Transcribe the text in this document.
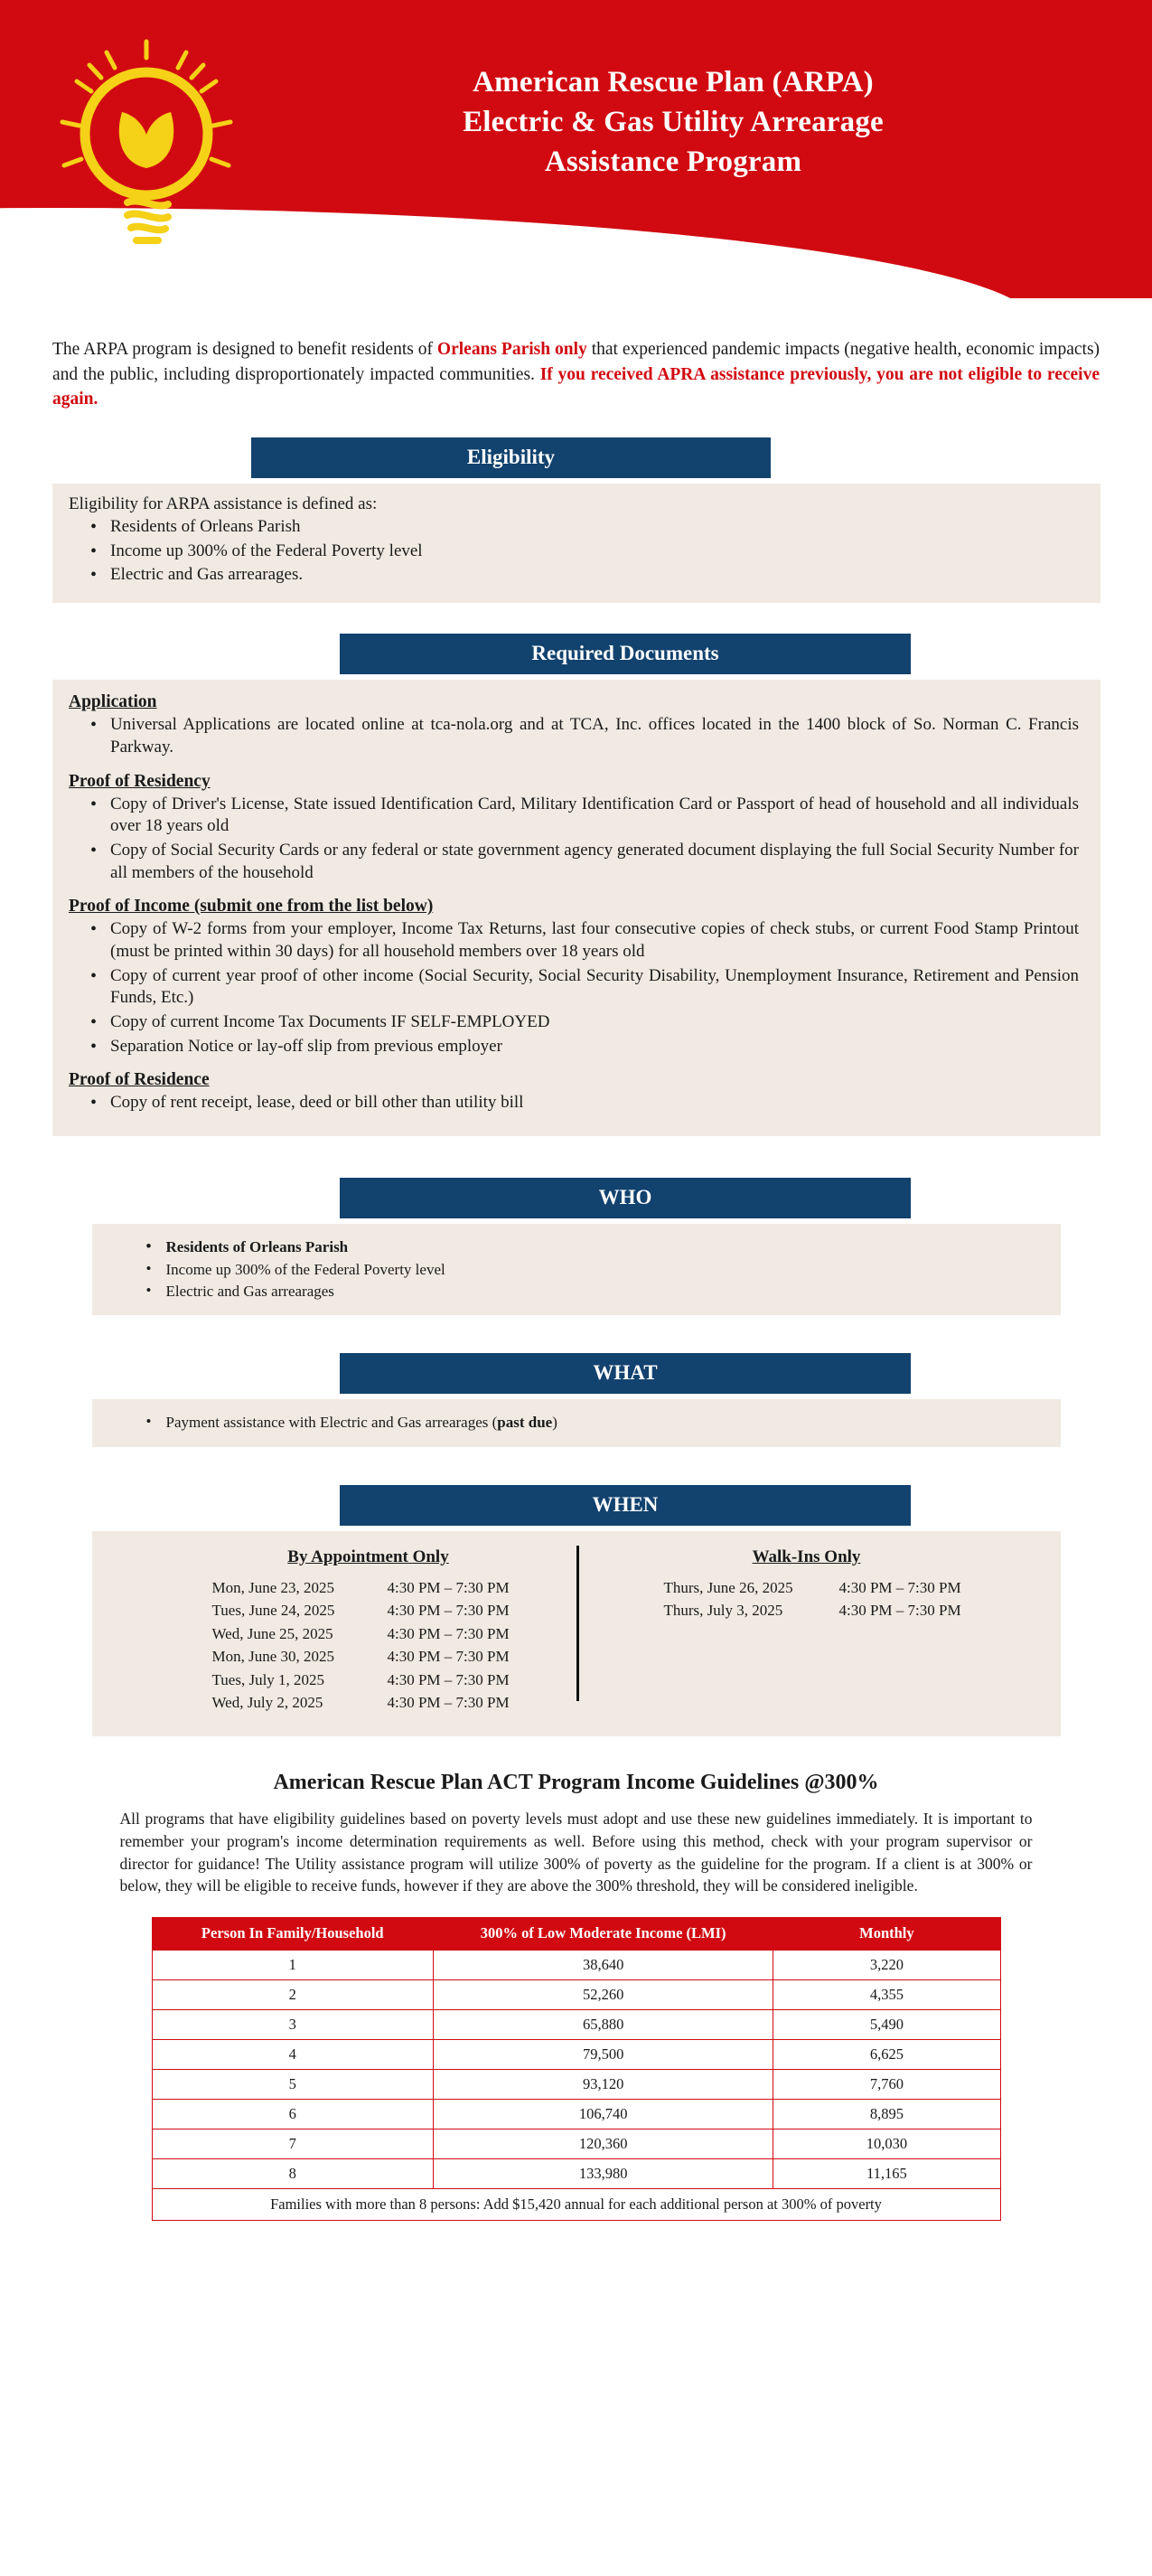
American Rescue Plan (ARPA)
Electric & Gas Utility Arrearage
Assistance Program

The ARPA program is designed to benefit residents of Orleans Parish only that experienced pandemic impacts (negative health, economic impacts) and the public, including disproportionately impacted communities. If you received APRA assistance previously, you are not eligible to receive again.

Eligibility

Eligibility for ARPA assistance is defined as:

• Residents of Orleans Parish
• Income up 300% of the Federal Poverty level
• Electric and Gas arrearages.
Required Documents
Application
• Universal Applications are located online at tca-nola.org and at TCA, Inc. offices located in the 1400 block of So. Norman C. Francis Parkway.
Proof of Residency
• Copy of Driver's License, State issued Identification Card, Military Identification Card or Passport of head of household and all individuals over 18 years old
• Copy of Social Security Cards or any federal or state government agency generated document displaying the full Social Security Number for all members of the household
Proof of Income (submit one from the list below)
• Copy of W-2 forms from your employer, Income Tax Returns, last four consecutive copies of check stubs, or current Food Stamp Printout (must be printed within 30 days) for all household members over 18 years old
• Copy of current year proof of other income (Social Security, Social Security Disability, Unemployment Insurance, Retirement and Pension Funds, Etc.)
• Copy of current Income Tax Documents IF SELF-EMPLOYED
• Separation Notice or lay-off slip from previous employer
Proof of Residence
• Copy of rent receipt, lease, deed or bill other than utility bill
WHO
• Residents of Orleans Parish
• Income up 300% of the Federal Poverty level
• Electric and Gas arrearages
WHAT
• Payment assistance with Electric and Gas arrearages (past due)
WHEN
By Appointment Only
Mon, June 23, 2025	4:30 PM – 7:30 PM
Tues, June 24, 2025	4:30 PM – 7:30 PM
Wed, June 25, 2025	4:30 PM – 7:30 PM
Mon, June 30, 2025	4:30 PM – 7:30 PM
Tues, July 1, 2025	4:30 PM – 7:30 PM
Wed, July 2, 2025	4:30 PM – 7:30 PM
Walk-Ins Only
Thurs, June 26, 2025	4:30 PM – 7:30 PM
Thurs, July 3, 2025	4:30 PM – 7:30 PM
American Rescue Plan ACT Program Income Guidelines @300%
All programs that have eligibility guidelines based on poverty levels must adopt and use these new guidelines immediately. It is important to remember your program's income determination requirements as well. Before using this method, check with your program supervisor or director for guidance! The Utility assistance program will utilize 300% of poverty as the guideline for the program. If a client is at 300% or below, they will be eligible to receive funds, however if they are above the 300% threshold, they will be considered ineligible.
Person In Family/Household	300% of Low Moderate Income (LMI)	Monthly
1	38,640	3,220
2	52,260	4,355
3	65,880	5,490
4	79,500	6,625
5	93,120	7,760
6	106,740	8,895
7	120,360	10,030
8	133,980	11,165
Families with more than 8 persons: Add $15,420 annual for each additional person at 300% of poverty		
